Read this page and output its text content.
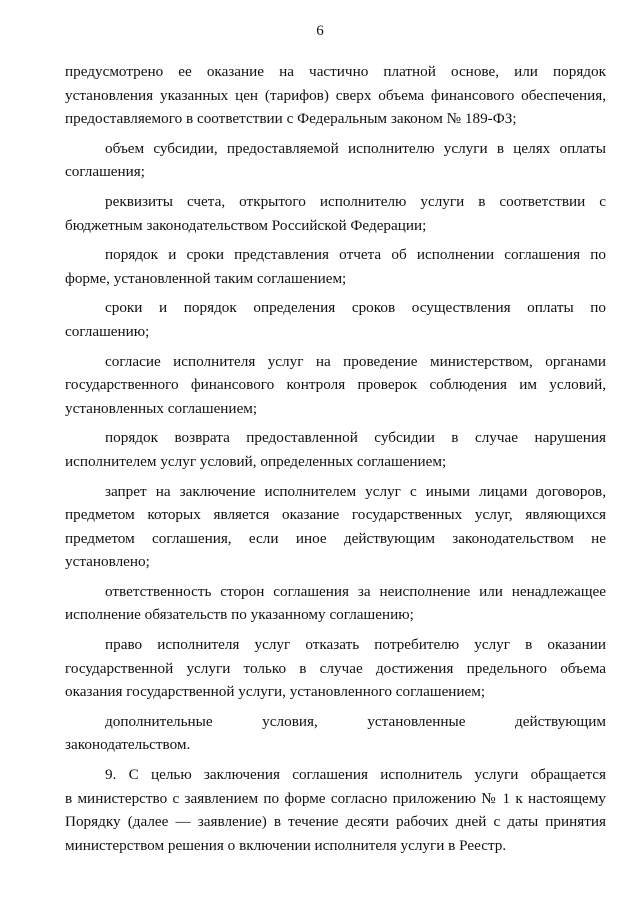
6
предусмотрено ее оказание на частично платной основе, или порядок
установления указанных цен (тарифов) сверх объема финансового обеспечения,
предоставляемого в соответствии с Федеральным законом № 189-ФЗ;
объем субсидии, предоставляемой исполнителю услуги в целях оплаты
соглашения;
реквизиты счета, открытого исполнителю услуги в соответствии с
бюджетным законодательством Российской Федерации;
порядок и сроки представления отчета об исполнении соглашения по
форме, установленной таким соглашением;
сроки и порядок определения сроков осуществления оплаты по
соглашению;
согласие исполнителя услуг на проведение министерством, органами
государственного финансового контроля проверок соблюдения им условий,
установленных соглашением;
порядок возврата предоставленной субсидии в случае нарушения
исполнителем услуг условий, определенных соглашением;
запрет на заключение исполнителем услуг с иными лицами договоров,
предметом которых является оказание государственных услуг, являющихся
предметом соглашения, если иное действующим законодательством не
установлено;
ответственность сторон соглашения за неисполнение или ненадлежащее
исполнение обязательств по указанному соглашению;
право исполнителя услуг отказать потребителю услуг в оказании
государственной услуги только в случае достижения предельного объема
оказания государственной услуги, установленного соглашением;
дополнительные условия, установленные действующим
законодательством.
9. С целью заключения соглашения исполнитель услуги обращается
в министерство с заявлением по форме согласно приложению № 1 к настоящему
Порядку (далее — заявление) в течение десяти рабочих дней с даты принятия
министерством решения о включении исполнителя услуги в Реестр.
